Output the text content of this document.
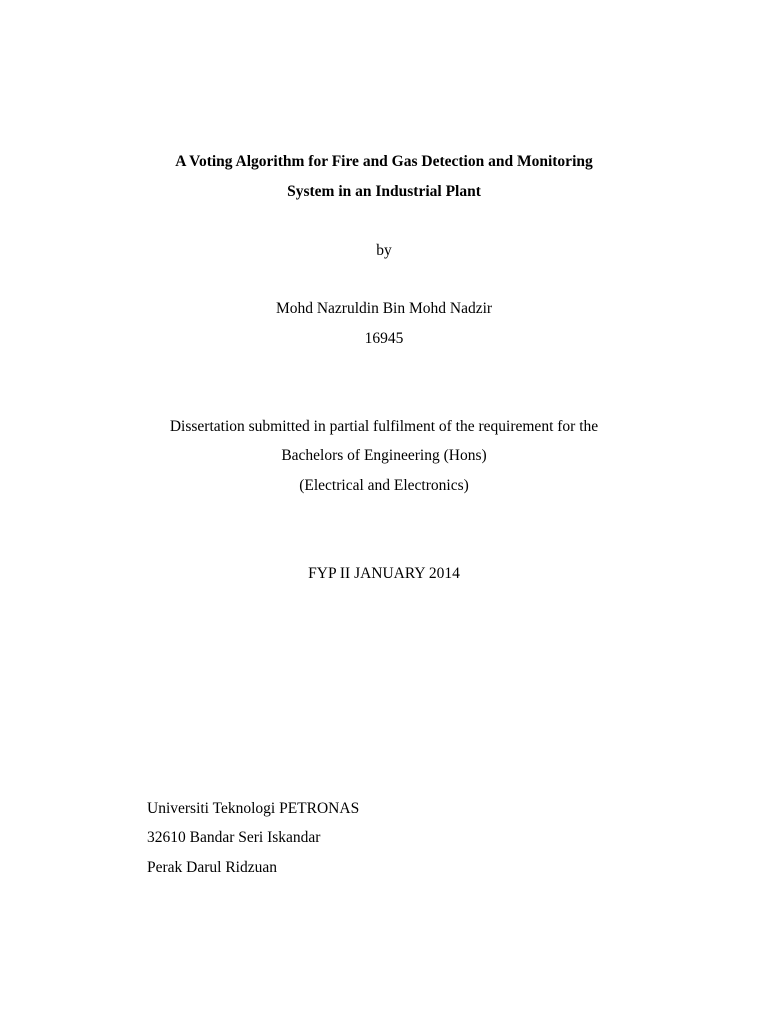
A Voting Algorithm for Fire and Gas Detection and Monitoring
System in an Industrial Plant
by
Mohd Nazruldin Bin Mohd Nadzir
16945
Dissertation submitted in partial fulfilment of the requirement for the
Bachelors of Engineering (Hons)
(Electrical and Electronics)
FYP II JANUARY 2014
Universiti Teknologi PETRONAS
32610 Bandar Seri Iskandar
Perak Darul Ridzuan
